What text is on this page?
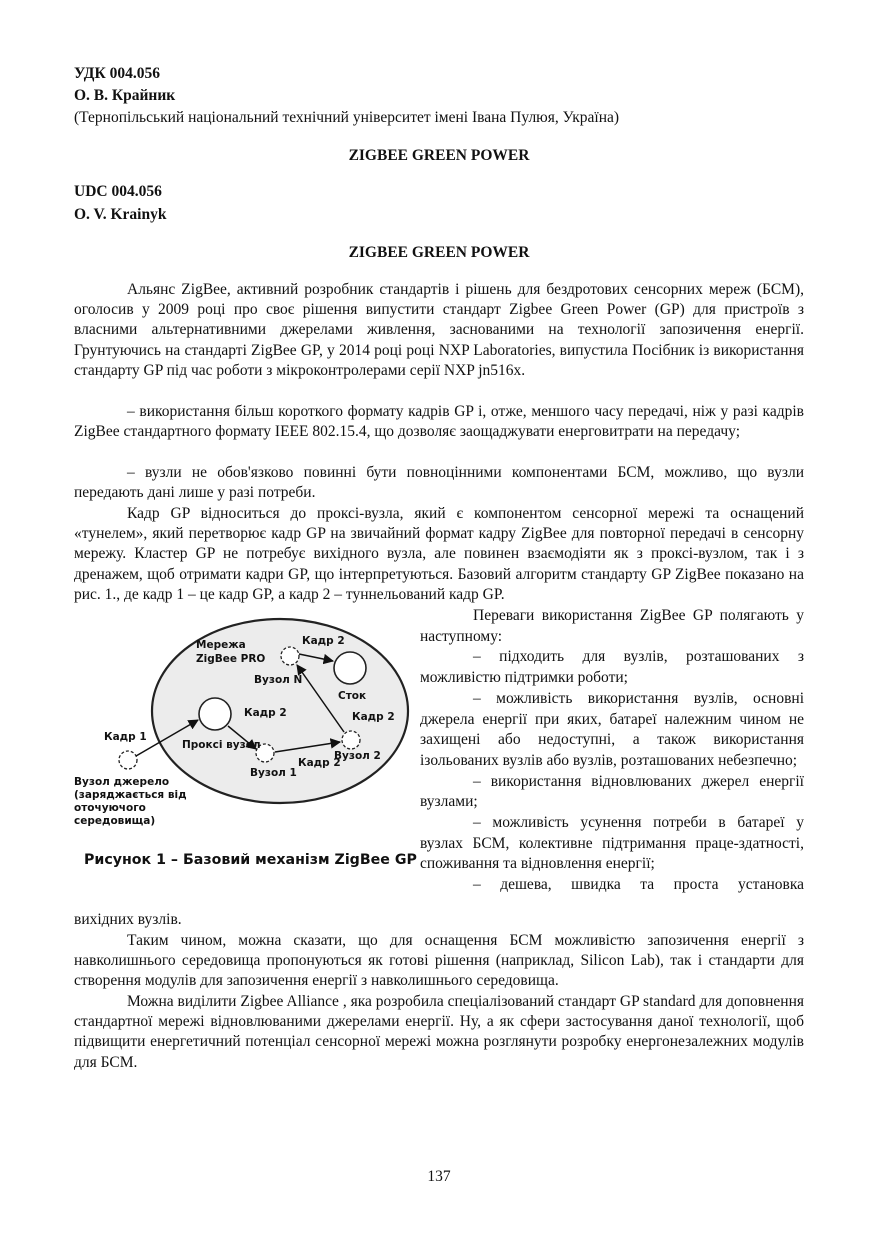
УДК 004.056
О. В. Крайник
(Тернопільський національний технічний університет імені Івана Пулюя, Україна)
ZIGBEE GREEN POWER
UDC 004.056
O. V. Krainyk
ZIGBEE GREEN POWER

Альянс ZigBee, активний розробник стандартів і рішень для бездротових сенсорних мереж (БСМ), оголосив у 2009 році про своє рішення випустити стандарт Zigbee Green Power (GP) для пристроїв з власними альтернативними джерелами живлення, заснованими на технології запозичення енергії. Грунтуючись на стандарті ZigBee GP, у 2014 році році NXP Laboratories, випустила Посібник із використання стандарту GP під час роботи з мікроконтролерами серії NXP jn516x.

– використання більш короткого формату кадрів GP і, отже, меншого часу передачі, ніж у разі кадрів ZigBee стандартного формату IEEE 802.15.4, що дозволяє заощаджувати енерговитрати на передачу;

– вузли не обов'язково повинні бути повноцінними компонентами БСМ, можливо, що вузли передають дані лише у разі потреби.

Кадр GP відноситься до проксі-вузла, який є компонентом сенсорної мережі та оснащений «тунелем», який перетворює кадр GP на звичайний формат кадру ZigBee для повторної передачі в сенсорну мережу. Кластер GP не потребує вихідного вузла, але повинен взаємодіяти як з проксі-вузлом, так і з дренажем, щоб отримати кадри GP, що інтерпретуються. Базовий алгоритм стандарту GP ZigBee показано на рис. 1., де кадр 1 – це кадр GP, а кадр 2 – туннельований кадр GP.

Мережа
ZigBee PRO
Кадр 2
Вузол N
Сток
Кадр 2	Кадр 2
Кадр 1
Проксі вузол
Вузол 1
Кадр 2
Вузол 2
Вузол джерело
(заряджається від
оточуючого
середовища)
Рисунок 1 – Базовий механізм ZigBee GP

Переваги використання ZigBee GP полягають у наступному:

– підходить для вузлів, розташованих з можливістю підтримки роботи;

– можливість використання вузлів, основні джерела енергії при яких, батареї належним чином не захищені або недоступні, а також використання ізольованих вузлів або вузлів, розташованих небезпечно;

– використання відновлюваних джерел енергії вузлами;

– можливість усунення потреби в батареї у вузлах БСМ, колективне підтримання праце-здатності, споживання та відновлення енергії;

– дешева, швидка та проста установка

вихідних вузлів.

Таким чином, можна сказати, що для оснащення БСМ можливістю запозичення енергії з навколишнього середовища пропонуються як готові рішення (наприклад, Silicon Lab), так і стандарти для створення модулів для запозичення енергії з навколишнього середовища.

Можна виділити Zigbee Alliance , яка розробила спеціалізований стандарт GP standard для доповнення стандартної мережі відновлюваними джерелами енергії. Ну, а як сфери застосування даної технології, щоб підвищити енергетичний потенціал сенсорної мережі можна розглянути розробку енергонезалежних модулів для БСМ.

137
